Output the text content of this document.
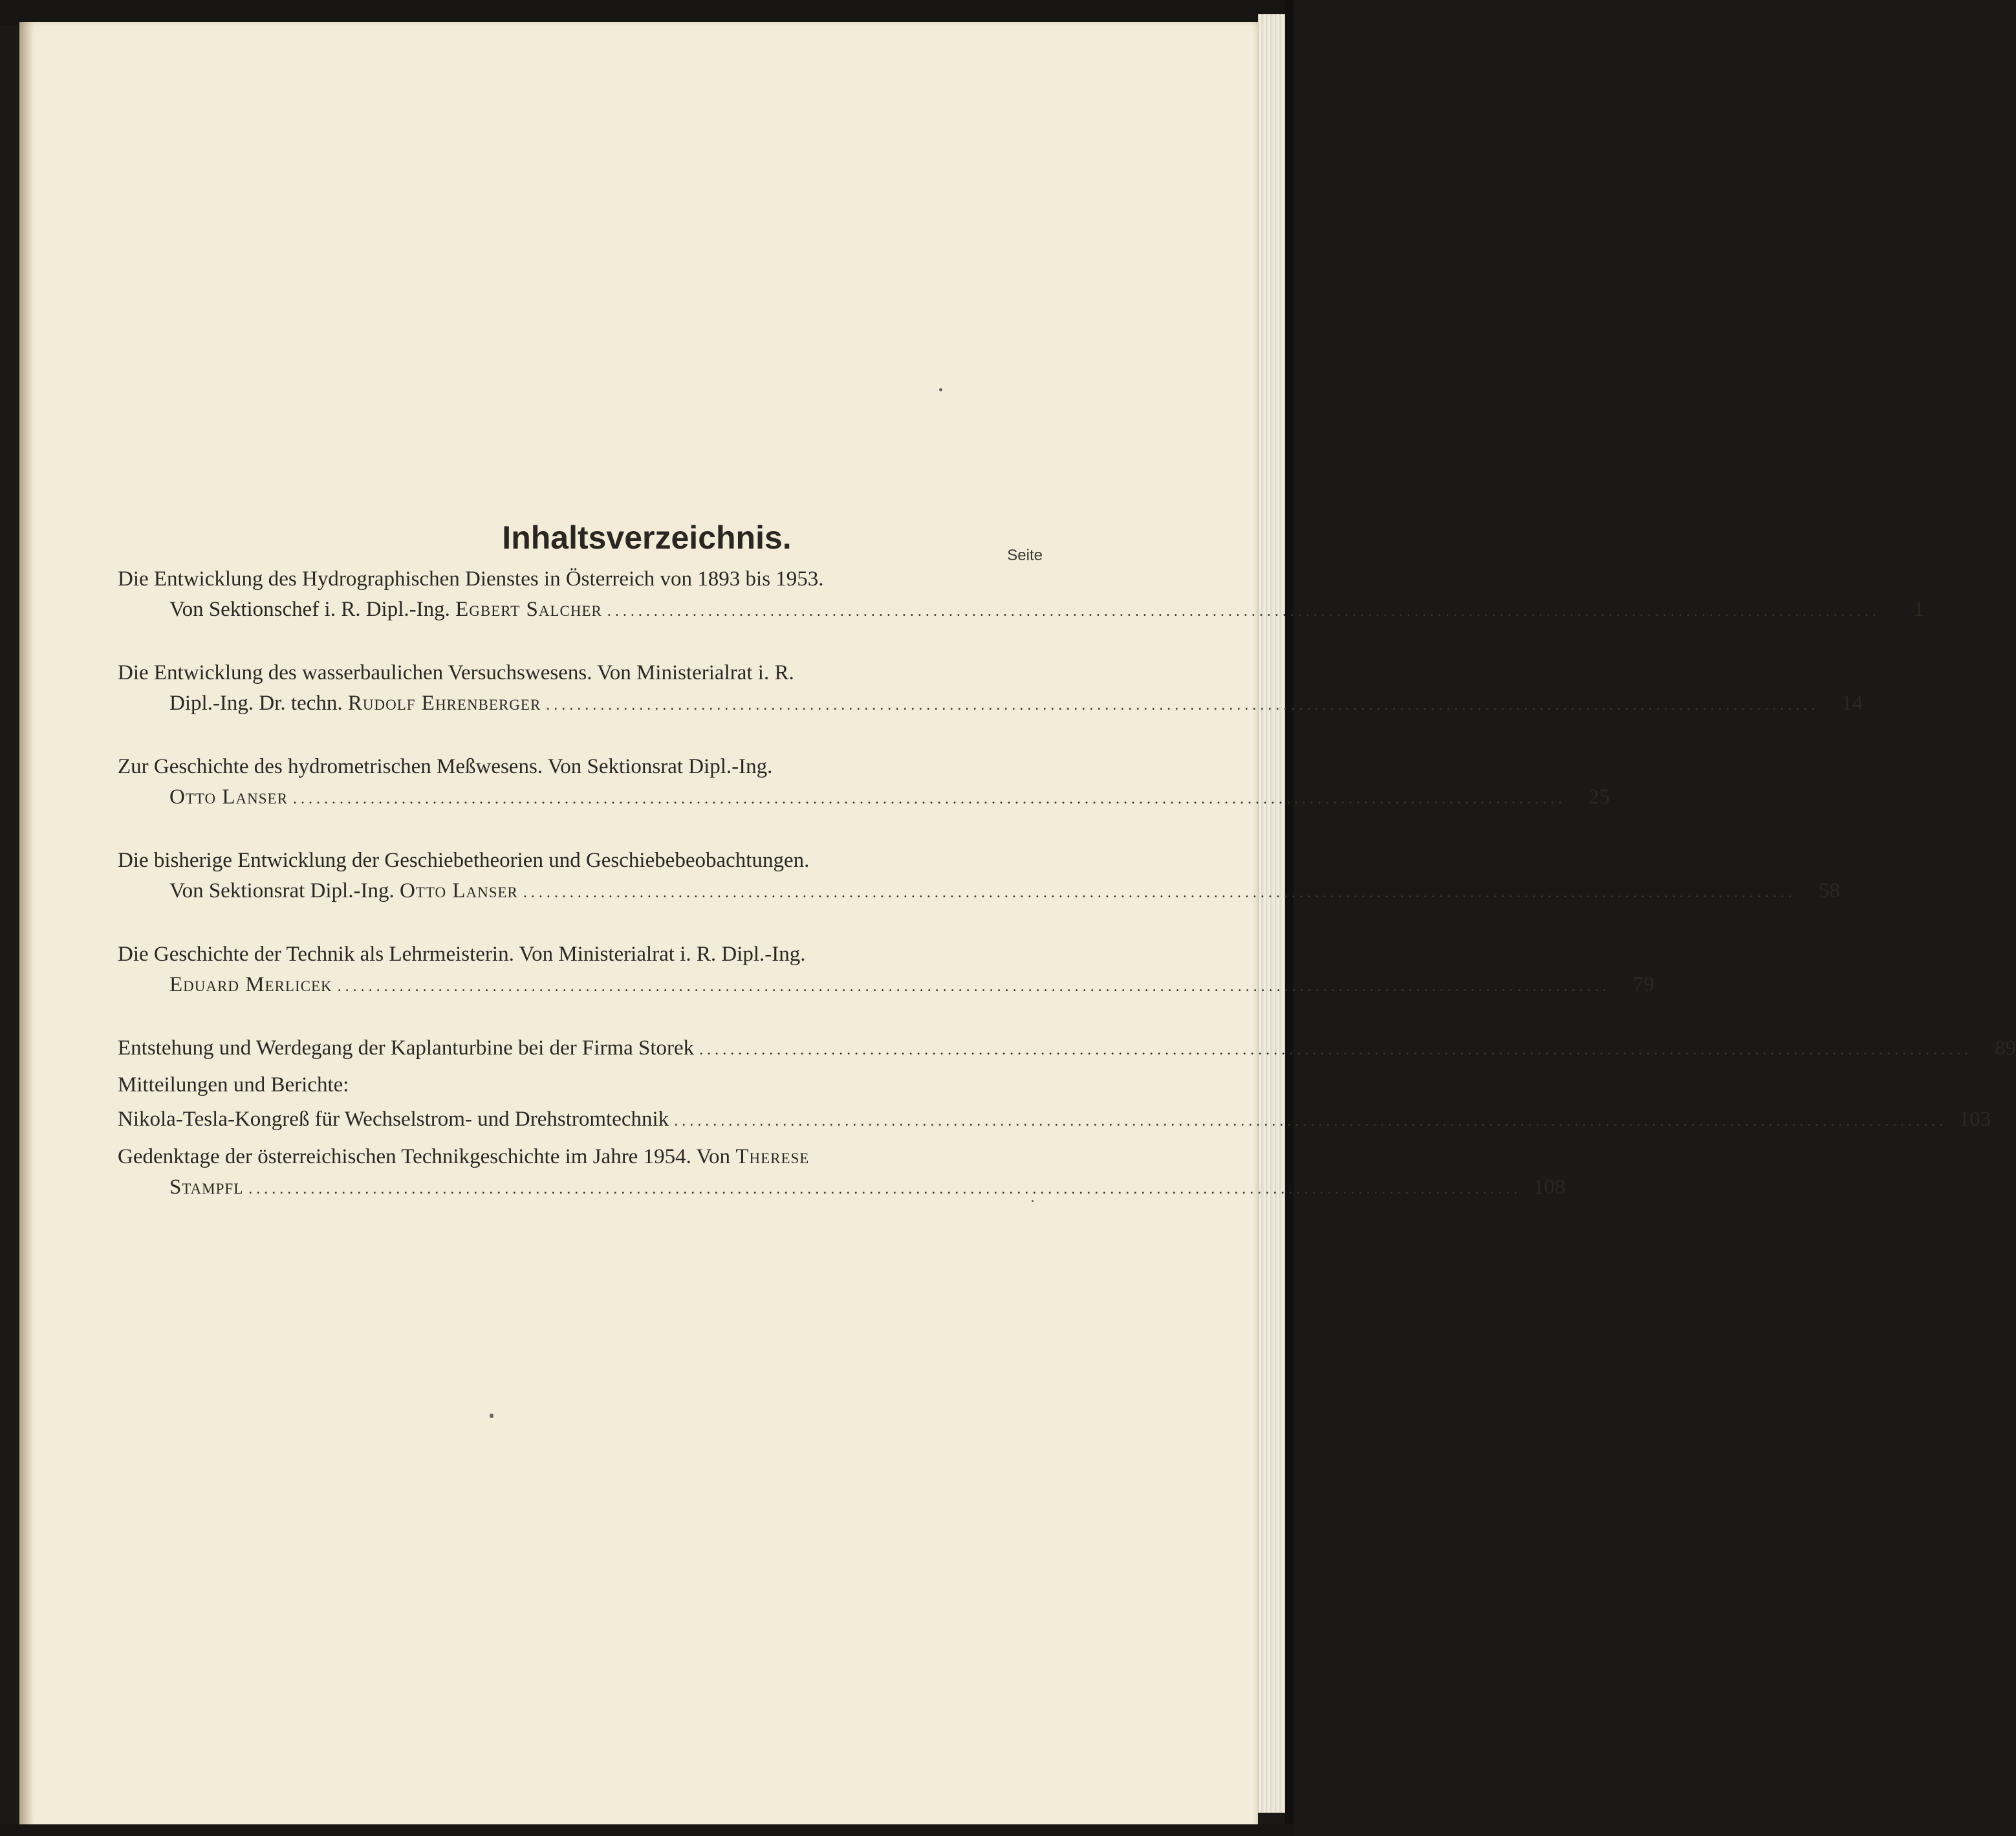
Inhaltsverzeichnis.	Seite
Die Entwicklung des Hydrographischen Dienstes in Österreich von 1893 bis 1953.
Von Sektionschef i. R. Dipl.-Ing.
Egbert Salcher ....................................................................................................................................................................	1
Die Entwicklung des wasserbaulichen Versuchswesens. Von Ministerialrat i. R.
Dipl.-Ing. Dr. techn.
Rudolf Ehrenberger ....................................................................................................................................................................	14
Zur Geschichte des hydrometrischen Meßwesens. Von Sektionsrat Dipl.-Ing.
Otto Lanser ....................................................................................................................................................................	25
Die bisherige Entwicklung der Geschiebetheorien und Geschiebebeobachtungen.
Von Sektionsrat Dipl.-Ing.
Otto Lanser ....................................................................................................................................................................	58
Die Geschichte der Technik als Lehrmeisterin. Von Ministerialrat i. R. Dipl.-Ing.
Eduard Merlicek ....................................................................................................................................................................	79
Entstehung und Werdegang der Kaplanturbine bei der Firma Storek ....................................................................................................................................................................	89
Mitteilungen und Berichte:
Nikola-Tesla-Kongreß für Wechselstrom- und Drehstromtechnik .................................................................................................................................................................... 103
Gedenktage der österreichischen Technikgeschichte im Jahre 1954. Von Therese
Stampfl .................................................................................................................................................................... 108
